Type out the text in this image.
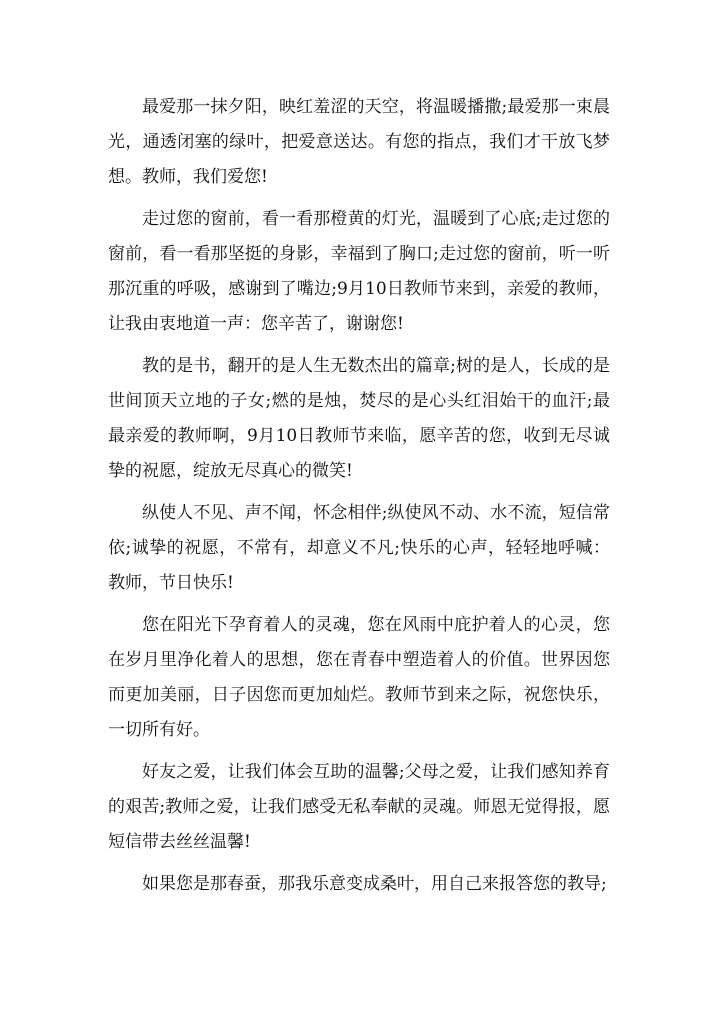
最爱那一抹夕阳，映红羞涩的天空，将温暖播撒;最爱那一束晨光，通透闭塞的绿叶，把爱意送达。有您的指点，我们才干放飞梦想。教师，我们爱您!

走过您的窗前，看一看那橙黄的灯光，温暖到了心底;走过您的窗前，看一看那坚挺的身影，幸福到了胸口;走过您的窗前，听一听那沉重的呼吸，感谢到了嘴边;9月10日教师节来到，亲爱的教师，让我由衷地道一声：您辛苦了，谢谢您!

教的是书，翻开的是人生无数杰出的篇章;树的是人，长成的是世间顶天立地的子女;燃的是烛，焚尽的是心头红泪始干的血汗;最最亲爱的教师啊，9月10日教师节来临，愿辛苦的您，收到无尽诚挚的祝愿，绽放无尽真心的微笑!

纵使人不见、声不闻，怀念相伴;纵使风不动、水不流，短信常依;诚挚的祝愿，不常有，却意义不凡;快乐的心声，轻轻地呼喊：教师，节日快乐!

您在阳光下孕育着人的灵魂，您在风雨中庇护着人的心灵，您在岁月里净化着人的思想，您在青春中塑造着人的价值。世界因您而更加美丽，日子因您而更加灿烂。教师节到来之际，祝您快乐，一切所有好。

好友之爱，让我们体会互助的温馨;父母之爱，让我们感知养育的艰苦;教师之爱，让我们感受无私奉献的灵魂。师恩无觉得报，愿短信带去丝丝温馨!

如果您是那春蚕，那我乐意变成桑叶，用自己来报答您的教导;
